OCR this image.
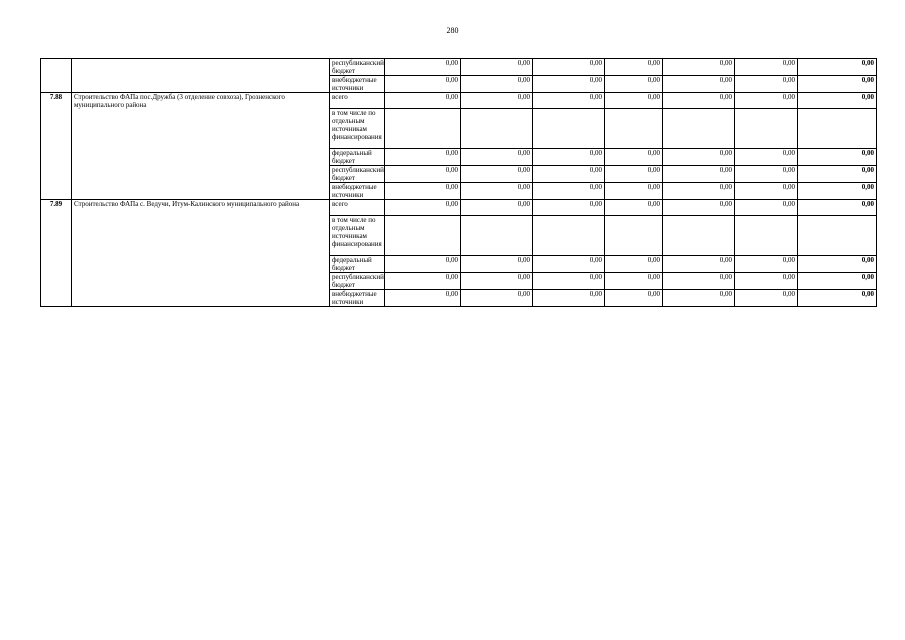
280
		республиканский бюджет	0,00	0,00	0,00	0,00	0,00	0,00	0,00
		внебюджетные источники	0,00	0,00	0,00	0,00	0,00	0,00	0,00
7.88	Строительство ФАПа пос.Дружба (3 отделение совхоза), Грозненского муниципального района	всего	0,00	0,00	0,00	0,00	0,00	0,00	0,00
		в том числе по отдельным источникам финансирования							
		федеральный бюджет	0,00	0,00	0,00	0,00	0,00	0,00	0,00
		республиканский бюджет	0,00	0,00	0,00	0,00	0,00	0,00	0,00
		внебюджетные источники	0,00	0,00	0,00	0,00	0,00	0,00	0,00
7.89	Строительство ФАПа с. Ведучи, Итум-Калинского муниципального района	всего	0,00	0,00	0,00	0,00	0,00	0,00	0,00
		в том числе по отдельным источникам финансирования							
		федеральный бюджет	0,00	0,00	0,00	0,00	0,00	0,00	0,00
		республиканский бюджет	0,00	0,00	0,00	0,00	0,00	0,00	0,00
		внебюджетные источники	0,00	0,00	0,00	0,00	0,00	0,00	0,00
